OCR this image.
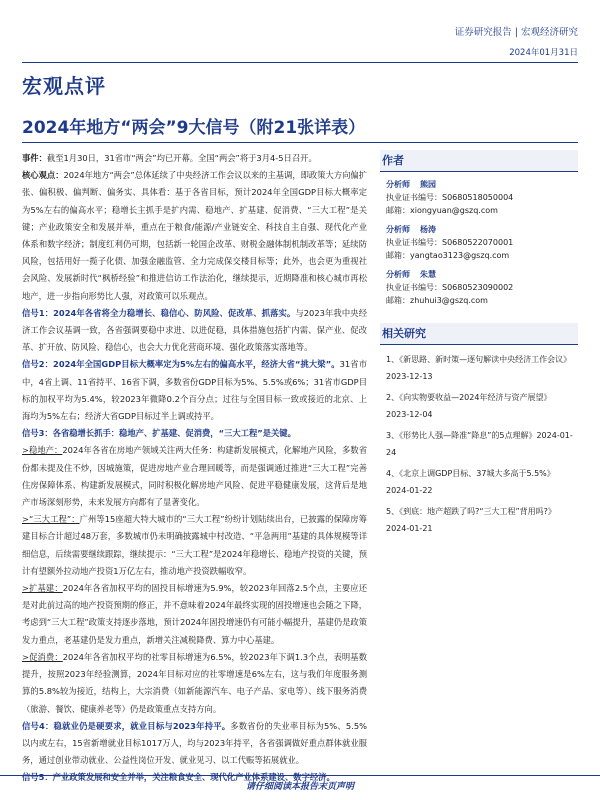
证券研究报告 | 宏观经济研究
2024年01月31日
宏观点评
2024年地方“两会”9大信号（附21张详表）

事件：截至1月30日，31省市“两会”均已开幕。全国“两会”将于3月4-5日召开。

核心观点：2024年地方“两会”总体延续了中央经济工作会议以来的主基调，即政策大方向偏扩张、偏积极、偏判断、偏务实、具体看：基于各省目标，预计2024年全国GDP目标大概率定为5%左右的偏高水平；稳增长主抓手是扩内需、稳地产、扩基建、促消费、“三大工程”是关键；产业政策安全和发展并举，重点在于粮食/能源/产业链安全、科技自主自强、现代化产业体系和数字经济；制度红利仍可期，包括新一轮国企改革、财税金融体制机制改革等；延续防风险，包括用好一揽子化债、加强金融监管、全力完成保交楼目标等；此外，也会更为重视社会风险、发展新时代“枫桥经验”和推进信访工作法治化，继续提示，近期降准和核心城市再松地产，进一步指向形势比人强，对政策可以乐观点。

信号1：2024年各省将全力稳增长、稳信心、防风险、促改革、抓落实。与2023年我中央经济工作会议基调一致，各省强调要稳中求进、以进促稳，具体措施包括扩内需、保产业、促改革、扩开放、防风险、稳信心，也会大力优化营商环境、强化政策落实落地等。

信号2：2024年全国GDP目标大概率定为5%左右的偏高水平，经济大省“挑大梁”。31省市中，4省上调、11省持平、16省下调，多数省份GDP目标为5%、5.5%或6%；31省市GDP目标的加权平均为5.4%，较2023年微降0.2个百分点；过往与全国目标一致或接近的北京、上海均为5%左右；经济大省GDP目标过半上调或持平。

信号3：各省稳增长抓手：稳地产、扩基建、促消费，“三大工程”是关键。

>稳地产：2024年各省在房地产领域关注两大任务：构建新发展模式，化解地产风险，多数省份都未提及住不炒，因城施策，促进房地产业合理回暖等，而是强调通过推进“三大工程”完善住房保障体系、构建新发展模式，同时积极化解房地产风险、促进平稳健康发展，这背后是地产市场深刻形势，未来发展方向都有了显著变化。

>“三大工程”：广州等15座超大特大城市的“三大工程”纷纷计划陆续出台，已披露的保障房筹建目标合计超过48万套，多数城市仍未明确披露城中村改造、“平急两用”基建的具体规模等详细信息，后续需要继续跟踪，继续提示：“三大工程”是2024年稳增长、稳地产投资的关键，预计有望额外拉动地产投资1万亿左右，推动地产投资跌幅收窄。

>扩基建：2024年各省加权平均的固投目标增速为5.9%，较2023年回落2.5个点，主要应还是对此前过高的地产投资预期的修正，并不意味着2024年最终实现的固投增速也会随之下降，考虑到“三大工程”政策支持逐步落地，预计2024年固投增速仍有可能小幅提升，基建仍是政策发力重点，老基建仍是发力重点，新增关注减税降费、算力中心基建。

>促消费：2024年各省加权平均的社零目标增速为6.5%，较2023年下调1.3个点，表明基数提升，按照2023年经验测算，2024年目标对应的社零增速是6%左右，这与我们年度服务测算的5.8%较为接近，结构上，大宗消费（如新能源汽车、电子产品、家电等）、线下服务消费（旅游、餐饮、健康养老等）仍是政策重点支持方向。

信号4：稳就业仍是硬要求，就业目标与2023年持平。多数省份的失业率目标为5%、5.5%以内或左右，15省新增就业目标1017万人，均与2023年持平，各省强调做好重点群体就业服务，通过创业带动就业、公益性岗位开发、就业见习、以工代赈等拓展就业。

信号5：产业政策发展和安全并举，关注粮食安全、现代化产业体系建设、数字经济。

作者
分析师 熊园
执业证书编号：S0680518050004
邮箱：xiongyuan@gszq.com
分析师 杨涛
执业证书编号：S0680522070001
邮箱：yangtao3123@gszq.com
分析师 朱慧
执业证书编号：S0680523090002
邮箱：zhuhui3@gszq.com
相关研究
1、《新思路、新时策—逐句解读中央经济工作会议》2023-12-13
2、《向实物要收益—2024年经济与资产展望》2023-12-04
3、《形势比人强—降准“降息”的5点理解》2024-01-24
4、《北京上调GDP目标、37城大多高于5.5%》2024-01-22
5、《到底：地产超跌了吗?“三大工程”背用吗?》2024-01-21
请仔细阅读本报告末页声明
